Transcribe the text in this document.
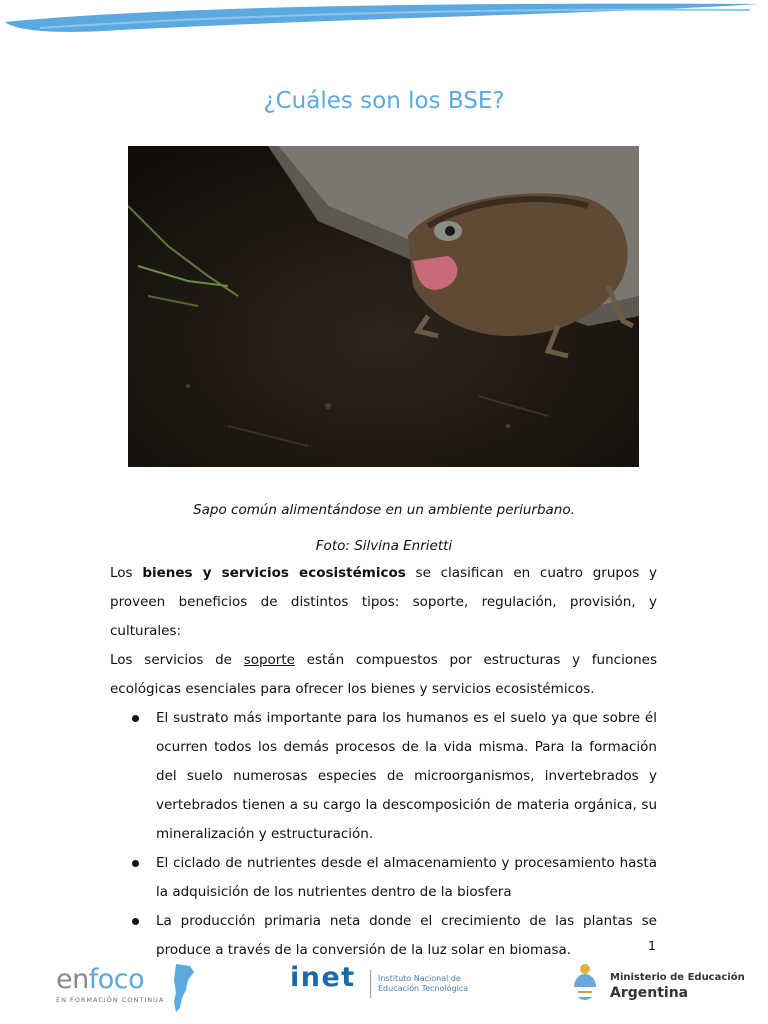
¿Cuáles son los BSE?

Sapo común alimentándose en un ambiente periurbano.

Foto: Silvina Enrietti

Los bienes y servicios ecosistémicos se clasifican en cuatro grupos y proveen beneficios de distintos tipos: soporte, regulación, provisión, y culturales:

Los servicios de soporte están compuestos por estructuras y funciones ecológicas esenciales para ofrecer los bienes y servicios ecosistémicos.

El sustrato más importante para los humanos es el suelo ya que sobre él ocurren todos los demás procesos de la vida misma. Para la formación del suelo numerosas especies de microorganismos, invertebrados y vertebrados tienen a su cargo la descomposición de materia orgánica, su mineralización y estructuración.
El ciclado de nutrientes desde el almacenamiento y procesamiento hasta la adquisición de los nutrientes dentro de la biosfera
La producción primaria neta donde el crecimiento de las plantas se produce a través de la conversión de la luz solar en biomasa.	1
enfoco
EN FORMACIÓN CONTINUA
inet	Instituto Nacional de
Educación Tecnológica
Ministerio de Educación
Argentina
